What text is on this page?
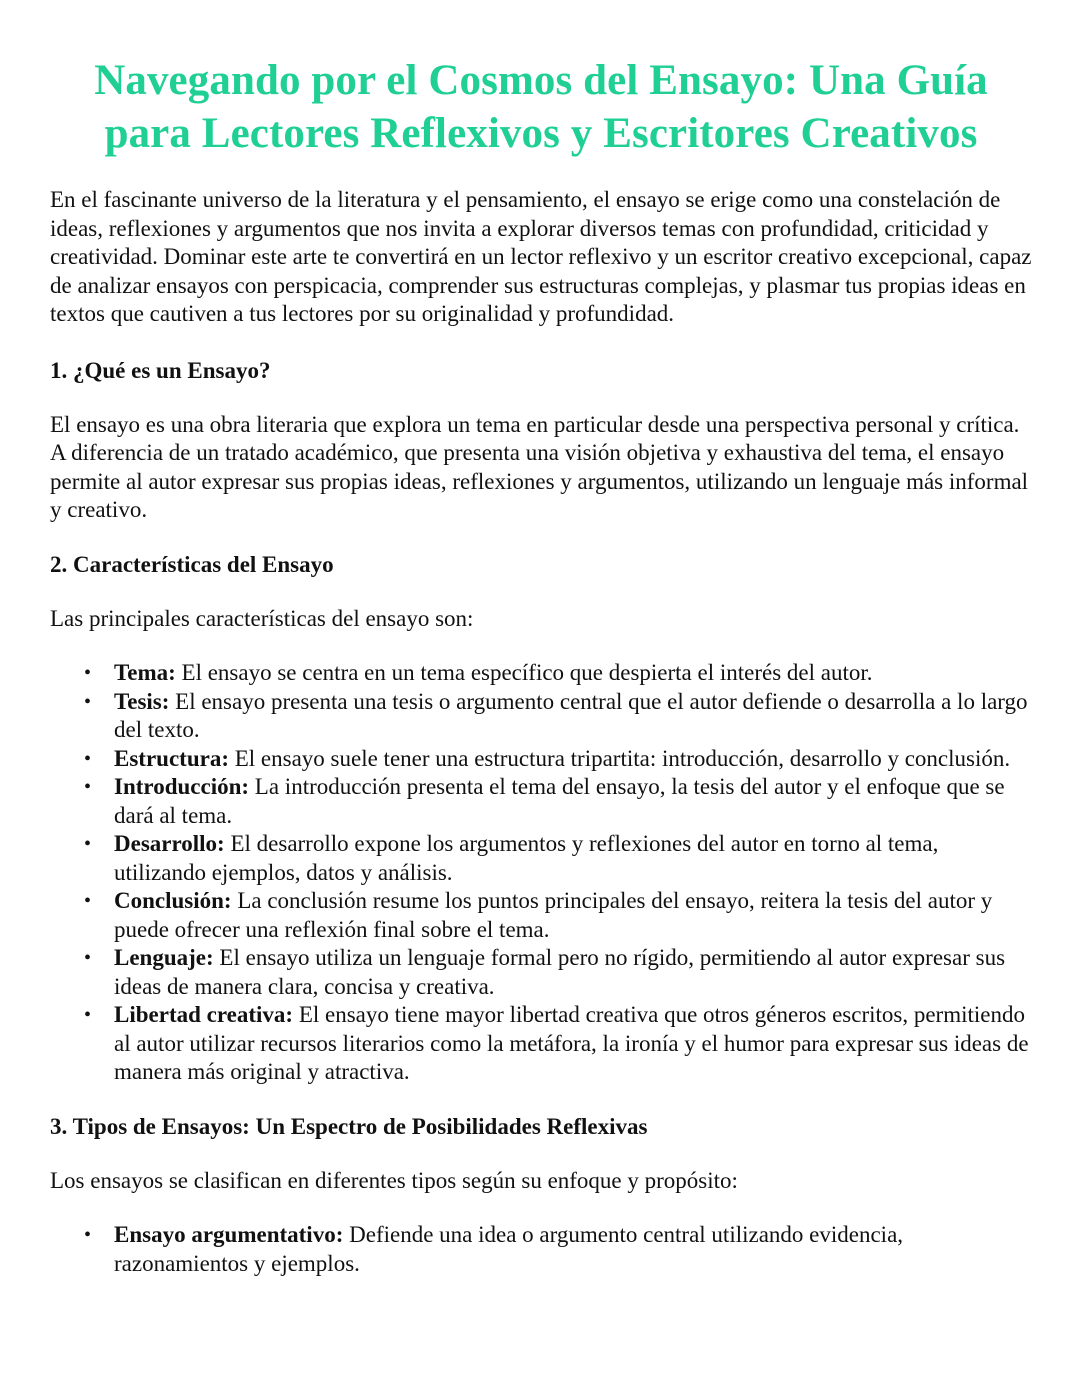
Navegando por el Cosmos del Ensayo: Una Guía para Lectores Reflexivos y Escritores Creativos

En el fascinante universo de la literatura y el pensamiento, el ensayo se erige como una constelación de ideas, reflexiones y argumentos que nos invita a explorar diversos temas con profundidad, criticidad y creatividad. Dominar este arte te convertirá en un lector reflexivo y un escritor creativo excepcional, capaz de analizar ensayos con perspicacia, comprender sus estructuras complejas, y plasmar tus propias ideas en textos que cautiven a tus lectores por su originalidad y profundidad.

1. ¿Qué es un Ensayo?

El ensayo es una obra literaria que explora un tema en particular desde una perspectiva personal y crítica. A diferencia de un tratado académico, que presenta una visión objetiva y exhaustiva del tema, el ensayo permite al autor expresar sus propias ideas, reflexiones y argumentos, utilizando un lenguaje más informal y creativo.

2. Características del Ensayo

Las principales características del ensayo son:

• Tema: El ensayo se centra en un tema específico que despierta el interés del autor.
• Tesis: El ensayo presenta una tesis o argumento central que el autor defiende o desarrolla a lo largo del texto.
• Estructura: El ensayo suele tener una estructura tripartita: introducción, desarrollo y conclusión.
• Introducción: La introducción presenta el tema del ensayo, la tesis del autor y el enfoque que se dará al tema.
• Desarrollo: El desarrollo expone los argumentos y reflexiones del autor en torno al tema, utilizando ejemplos, datos y análisis.
• Conclusión: La conclusión resume los puntos principales del ensayo, reitera la tesis del autor y puede ofrecer una reflexión final sobre el tema.
• Lenguaje: El ensayo utiliza un lenguaje formal pero no rígido, permitiendo al autor expresar sus ideas de manera clara, concisa y creativa.
• Libertad creativa: El ensayo tiene mayor libertad creativa que otros géneros escritos, permitiendo al autor utilizar recursos literarios como la metáfora, la ironía y el humor para expresar sus ideas de manera más original y atractiva.
3. Tipos de Ensayos: Un Espectro de Posibilidades Reflexivas

Los ensayos se clasifican en diferentes tipos según su enfoque y propósito:

• Ensayo argumentativo: Defiende una idea o argumento central utilizando evidencia, razonamientos y ejemplos.
